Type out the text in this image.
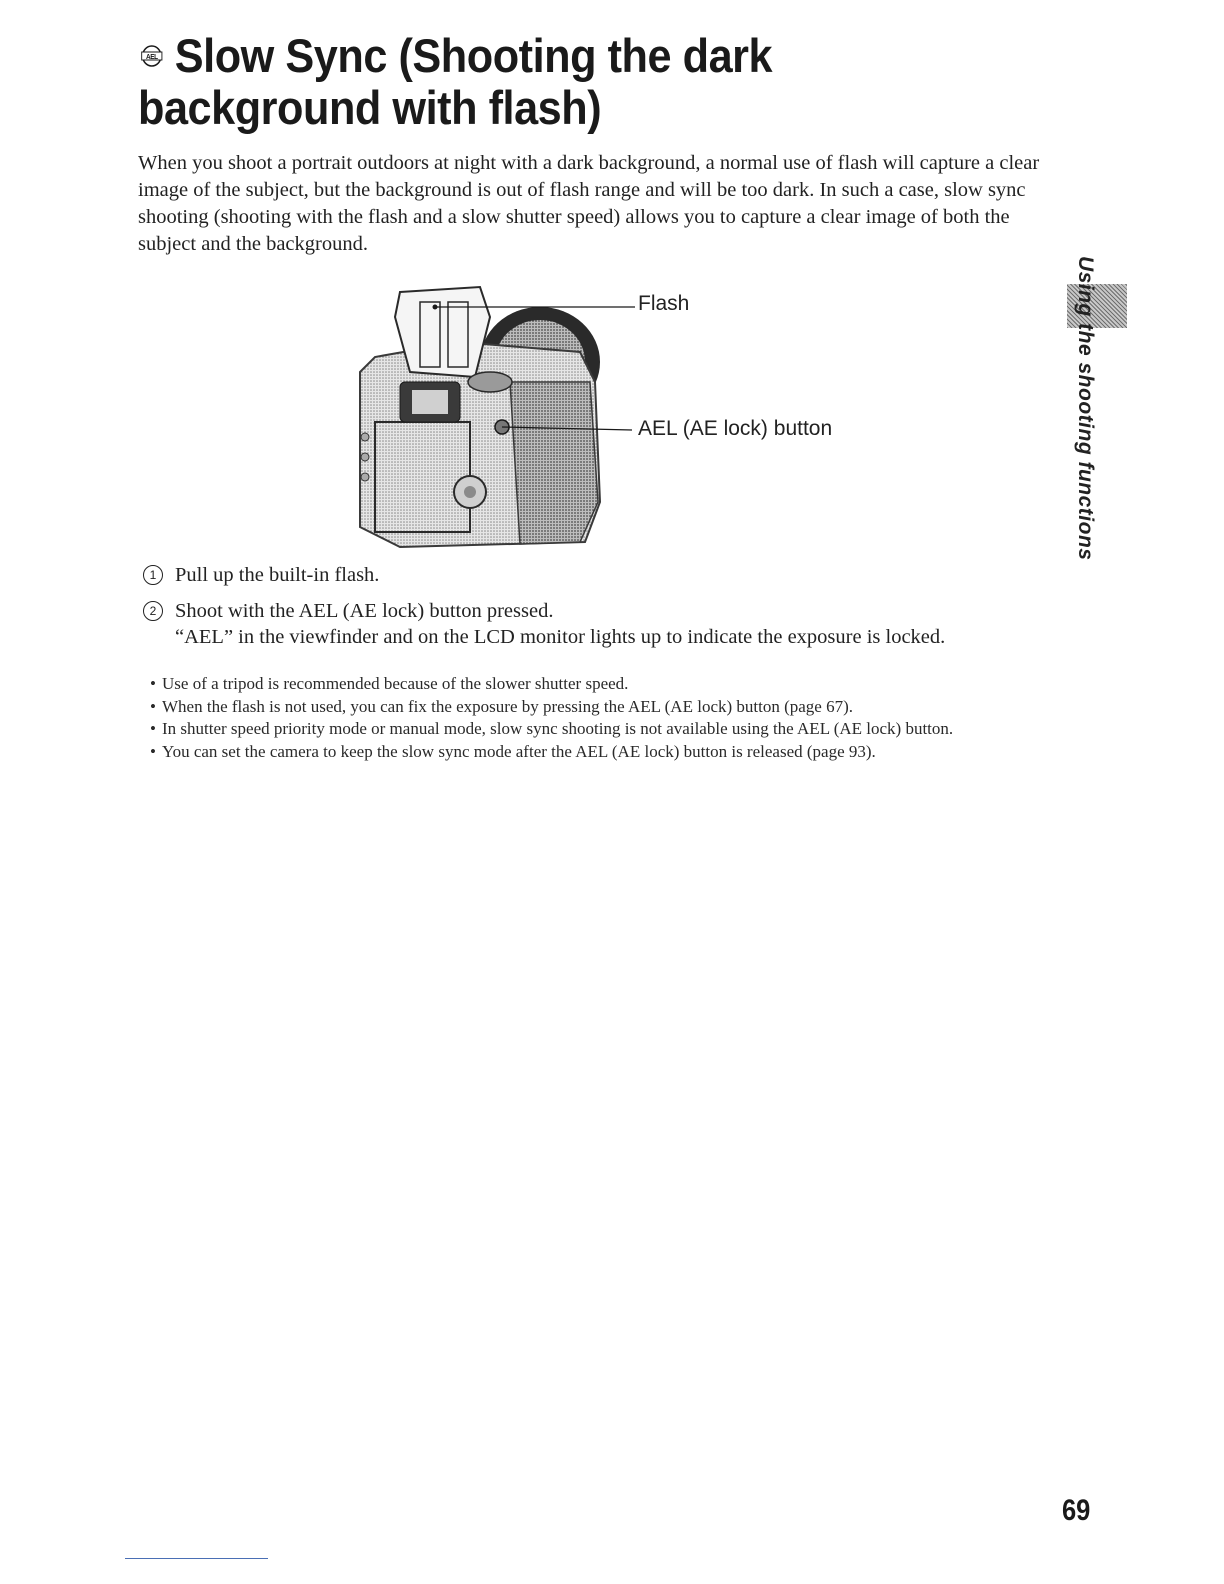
AEL Slow Sync (Shooting the dark background with flash)

When you shoot a portrait outdoors at night with a dark background, a normal use of flash will capture a clear image of the subject, but the background is out of flash range and will be too dark. In such a case, slow sync shooting (shooting with the flash and a slow shutter speed) allows you to capture a clear image of both the subject and the background.

Flash
AEL (AE lock) button
1 Pull up the built-in flash.
2 Shoot with the AEL (AE lock) button pressed.
“AEL” in the viewfinder and on the LCD monitor lights up to indicate the exposure is locked.
• Use of a tripod is recommended because of the slower shutter speed.
• When the flash is not used, you can fix the exposure by pressing the AEL (AE lock) button (page 67).
• In shutter speed priority mode or manual mode, slow sync shooting is not available using the AEL (AE lock) button.
• You can set the camera to keep the slow sync mode after the AEL (AE lock) button is released (page 93).
Using the shooting functions
69
